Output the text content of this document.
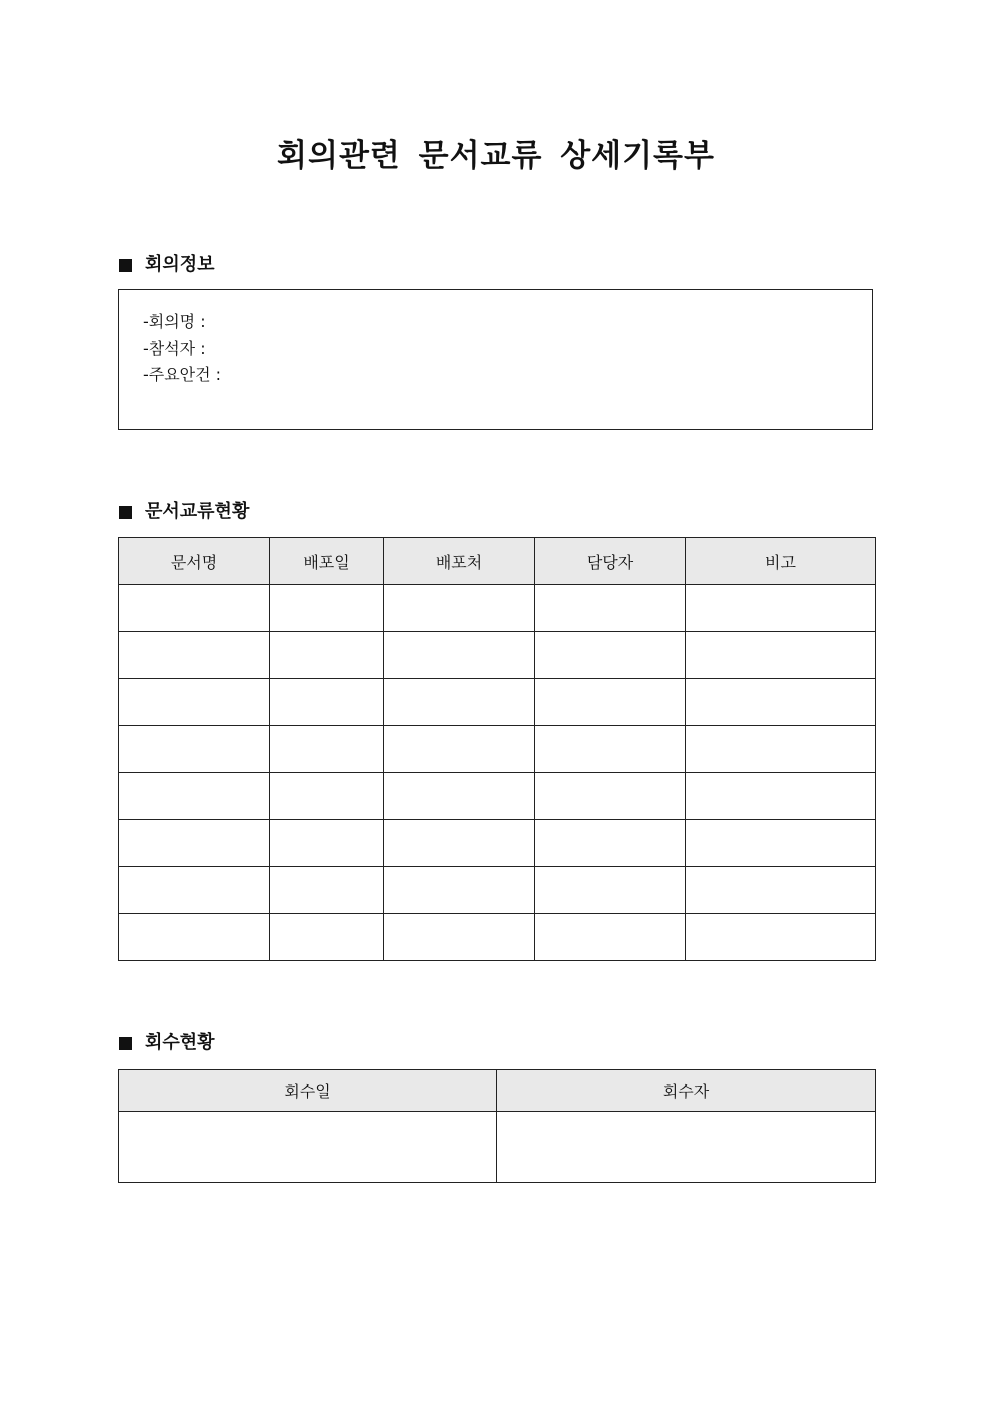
회의관련 문서교류 상세기록부
회의정보
-회의명 :
-참석자 :
-주요안건 :
문서교류현황
문서명	배포일	배포처	담당자	비고

회수현황
회수일	회수자
